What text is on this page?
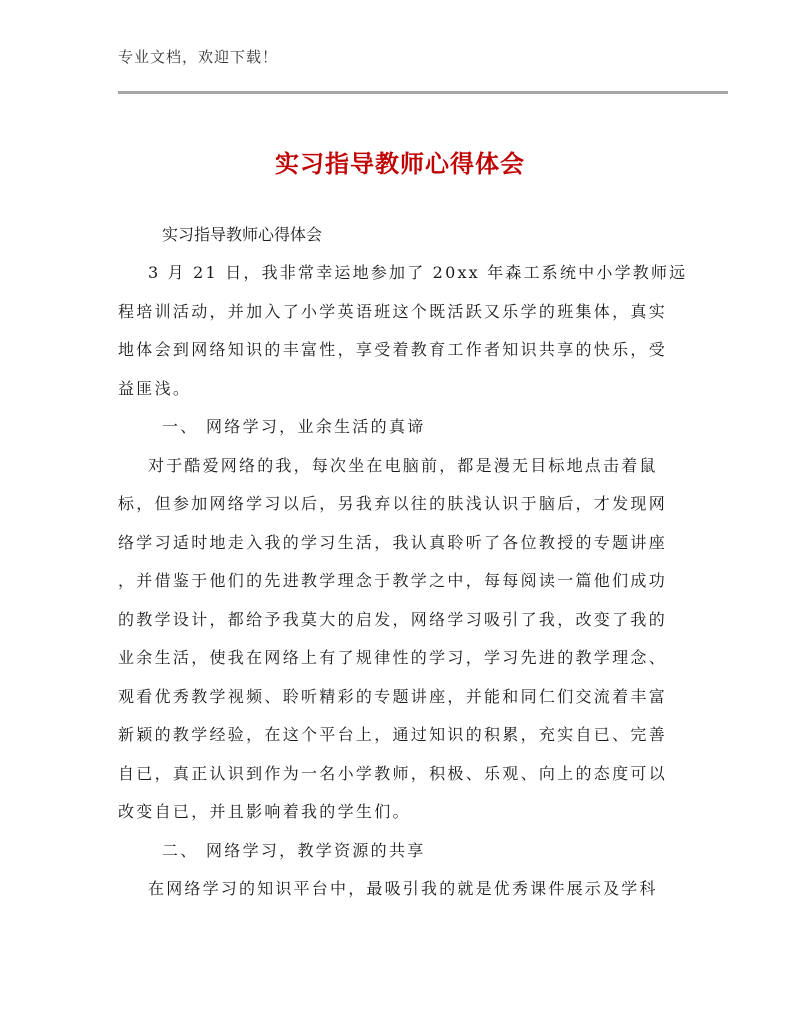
专业文档，欢迎下载！
实习指导教师心得体会
实习指导教师心得体会
3 月 21 日，我非常幸运地参加了 20xx 年森工系统中小学教师远
程培训活动，并加入了小学英语班这个既活跃又乐学的班集体，真实
地体会到网络知识的丰富性，享受着教育工作者知识共享的快乐，受
益匪浅。
一、 网络学习，业余生活的真谛
对于酷爱网络的我，每次坐在电脑前，都是漫无目标地点击着鼠
标，但参加网络学习以后，另我弃以往的肤浅认识于脑后，才发现网
络学习适时地走入我的学习生活，我认真聆听了各位教授的专题讲座
，并借鉴于他们的先进教学理念于教学之中，每每阅读一篇他们成功
的教学设计，都给予我莫大的启发，网络学习吸引了我，改变了我的
业余生活，使我在网络上有了规律性的学习，学习先进的教学理念、
观看优秀教学视频、聆听精彩的专题讲座，并能和同仁们交流着丰富
新颖的教学经验，在这个平台上，通过知识的积累，充实自已、完善
自已，真正认识到作为一名小学教师，积极、乐观、向上的态度可以
改变自已，并且影响着我的学生们。
二、 网络学习，教学资源的共享
在网络学习的知识平台中，最吸引我的就是优秀课件展示及学科
